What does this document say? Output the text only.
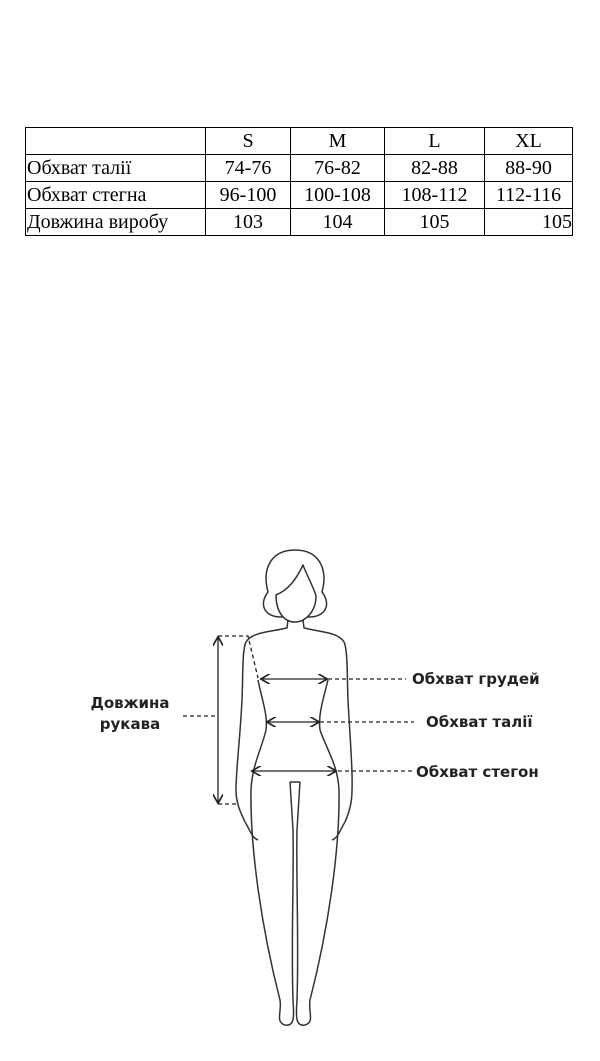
	S	M	L	XL
Обхват талії	74-76	76-82	82-88	88-90
Обхват стегна	96-100	100-108	108-112	112-116
Довжина виробу	103	104	105	105
Довжина
рукава
Обхват грудей
Обхват талії
Обхват стегон
